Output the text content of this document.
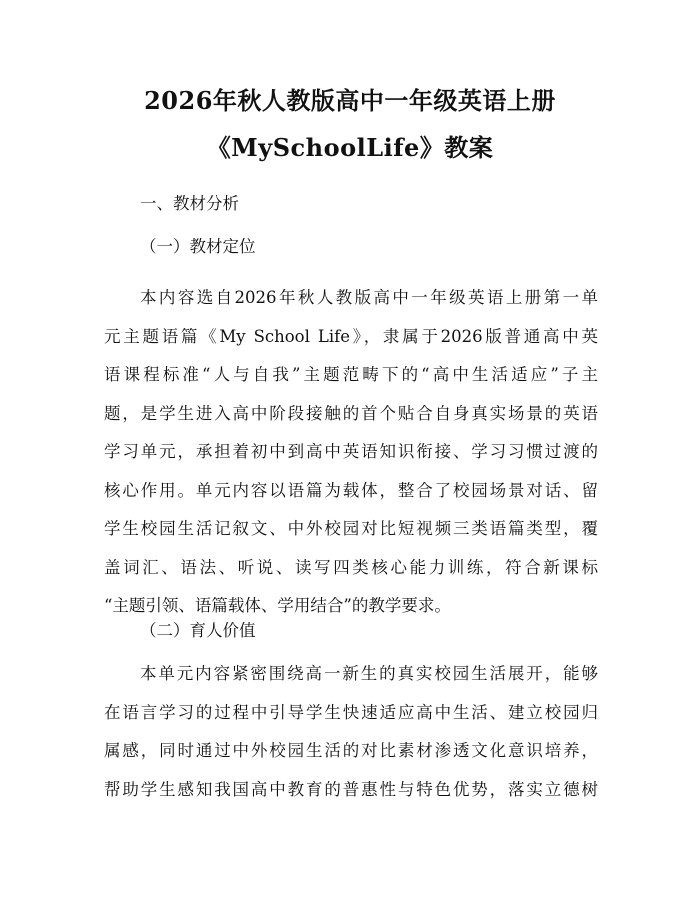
2026年秋人教版高中一年级英语上册
《MySchoolLife》教案
一、教材分析
（一）教材定位
本内容选自2026年秋人教版高中一年级英语上册第一单
元主题语篇《My School Life》，隶属于2026版普通高中英
语课程标准“人与自我”主题范畴下的“高中生活适应”子主
题，是学生进入高中阶段接触的首个贴合自身真实场景的英语
学习单元，承担着初中到高中英语知识衔接、学习习惯过渡的
核心作用。单元内容以语篇为载体，整合了校园场景对话、留
学生校园生活记叙文、中外校园对比短视频三类语篇类型，覆
盖词汇、语法、听说、读写四类核心能力训练，符合新课标
“主题引领、语篇载体、学用结合”的教学要求。
（二）育人价值
本单元内容紧密围绕高一新生的真实校园生活展开，能够
在语言学习的过程中引导学生快速适应高中生活、建立校园归
属感，同时通过中外校园生活的对比素材渗透文化意识培养，
帮助学生感知我国高中教育的普惠性与特色优势，落实立德树
